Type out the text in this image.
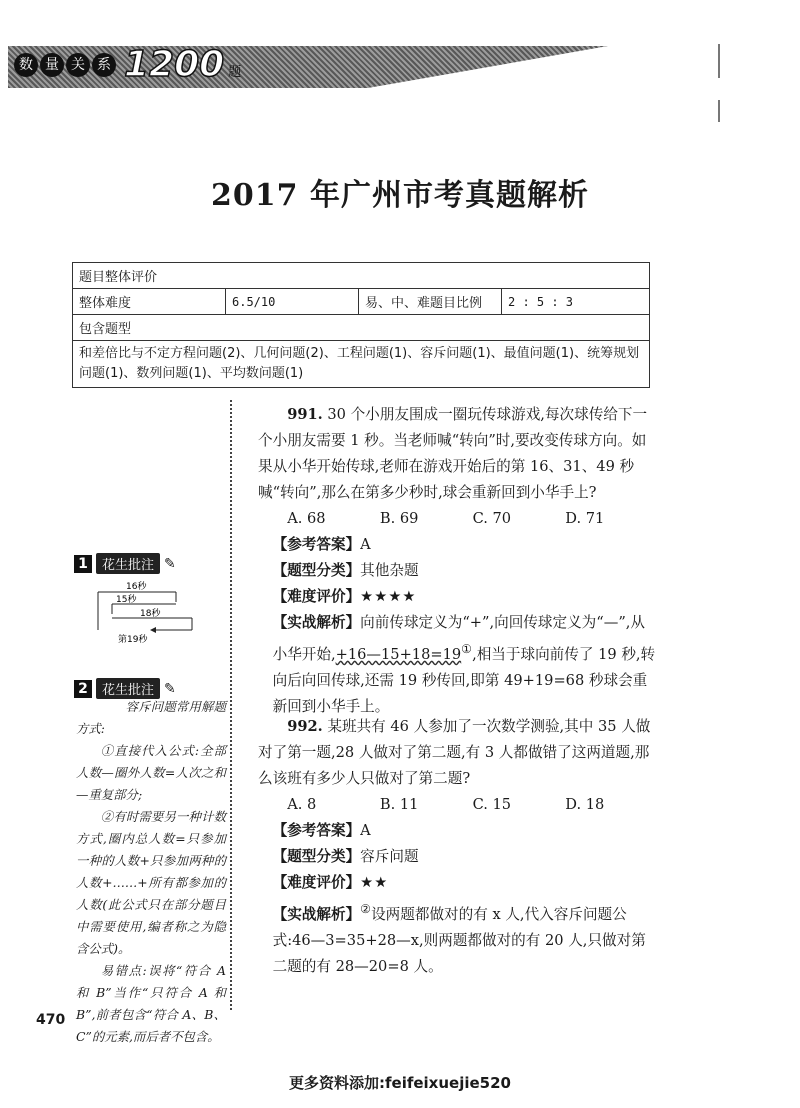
数 量 关 系 1200 题
2017 年广州市考真题解析
题目整体评价
整体难度	6.5/10	易、中、难题目比例	2 : 5 : 3
包含题型
和差倍比与不定方程问题(2)、几何问题(2)、工程问题(1)、容斥问题(1)、最值问题(1)、统筹规划问题(1)、数列问题(1)、平均数问题(1)
1	花生批注 ✎
16秒
15秒
18秒
第19秒
2	花生批注 ✎

容斥问题常用解题方式:

①直接代入公式:全部人数—圈外人数=人次之和—重复部分;

②有时需要另一种计数方式,圈内总人数=只参加一种的人数+只参加两种的人数+……+所有都参加的人数(此公式只在部分题目中需要使用,编者称之为隐含公式)。

易错点:误将“符合 A 和 B”当作“只符合 A 和 B”,前者包含“符合 A、B、C”的元素,而后者不包含。

991. 30 个小朋友围成一圈玩传球游戏,每次球传给下一个小朋友需要 1 秒。当老师喊“转向”时,要改变传球方向。如果从小华开始传球,老师在游戏开始后的第 16、31、49 秒喊“转向”,那么在第多少秒时,球会重新回到小华手上?

A. 68	B. 69	C. 70	D. 71

【参考答案】A

【题型分类】其他杂题

【难度评价】★★★★

【实战解析】向前传球定义为“+”,向回传球定义为“—”,从小华开始,+16—15+18=19①,相当于球向前传了 19 秒,转向后向回传球,还需 19 秒传回,即第 49+19=68 秒球会重新回到小华手上。

992. 某班共有 46 人参加了一次数学测验,其中 35 人做对了第一题,28 人做对了第二题,有 3 人都做错了这两道题,那么该班有多少人只做对了第二题?

A. 8	B. 11	C. 15	D. 18

【参考答案】A

【题型分类】容斥问题

【难度评价】★★

【实战解析】②设两题都做对的有 x 人,代入容斥问题公式:46—3=35+28—x,则两题都做对的有 20 人,只做对第二题的有 28—20=8 人。

470
更多资料添加:feifeixuejie520
